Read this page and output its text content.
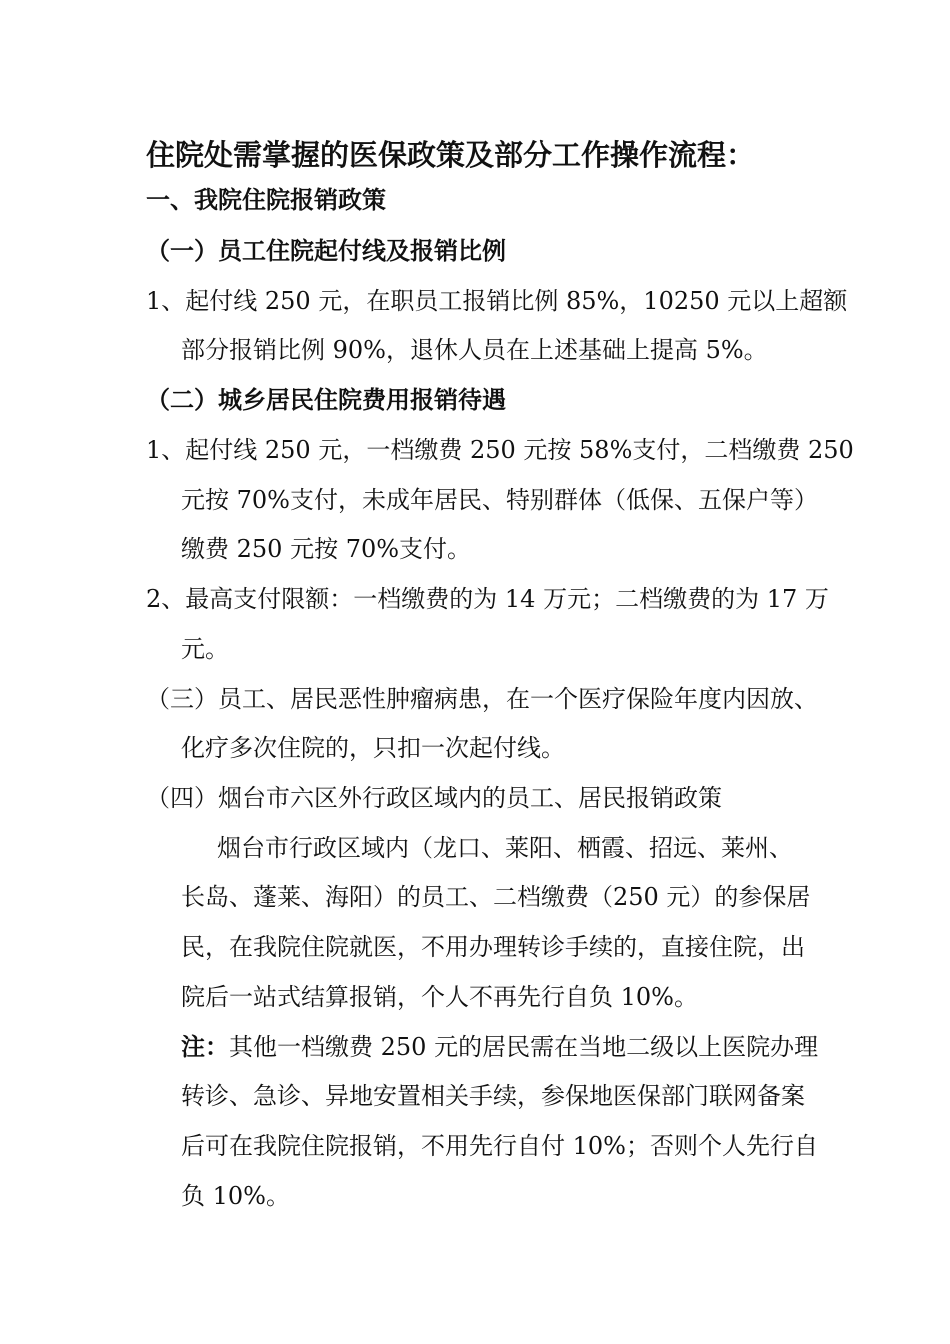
住院处需掌握的医保政策及部分工作操作流程：
一、我院住院报销政策
（一）员工住院起付线及报销比例
1、起付线 250 元，在职员工报销比例 85%，10250 元以上超额
部分报销比例 90%，退休人员在上述基础上提高 5%。
（二）城乡居民住院费用报销待遇
1、起付线 250 元，一档缴费 250 元按 58%支付，二档缴费 250
元按 70%支付，未成年居民、特别群体（低保、五保户等）
缴费 250 元按 70%支付。
2、最高支付限额：一档缴费的为 14 万元；二档缴费的为 17 万
元。
（三）员工、居民恶性肿瘤病患，在一个医疗保险年度内因放、
化疗多次住院的，只扣一次起付线。
（四）烟台市六区外行政区域内的员工、居民报销政策
烟台市行政区域内（龙口、莱阳、栖霞、招远、莱州、
长岛、蓬莱、海阳）的员工、二档缴费（250 元）的参保居
民，在我院住院就医，不用办理转诊手续的，直接住院，出
院后一站式结算报销，个人不再先行自负 10%。
注：其他一档缴费 250 元的居民需在当地二级以上医院办理
转诊、急诊、异地安置相关手续，参保地医保部门联网备案
后可在我院住院报销，不用先行自付 10%；否则个人先行自
负 10%。
